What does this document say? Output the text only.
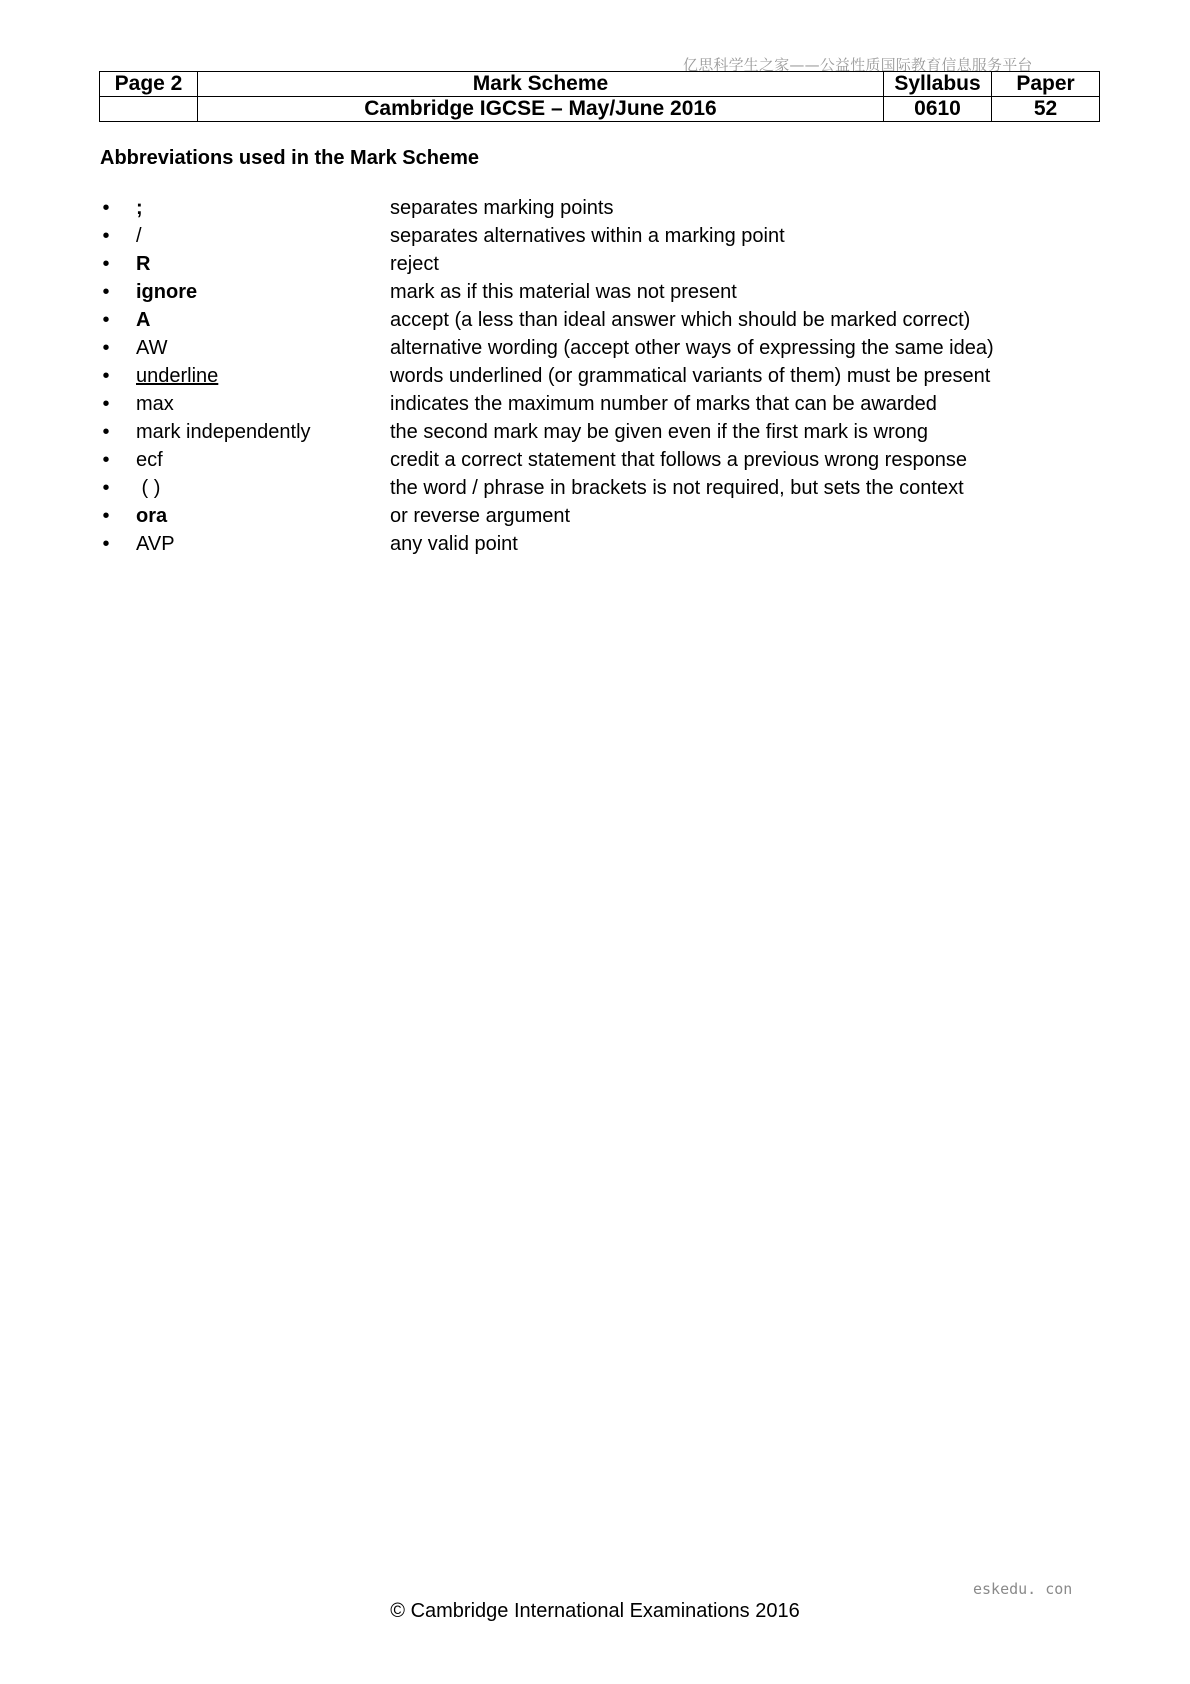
亿思科学生之家——公益性质国际教育信息服务平台
Page 2	Mark Scheme	Syllabus	Paper
	Cambridge IGCSE – May/June 2016	0610	52
Abbreviations used in the Mark Scheme
• ;	separates marking points
• /	separates alternatives within a marking point
• R	reject
• ignore	mark as if this material was not present
• A	accept (a less than ideal answer which should be marked correct)
• AW	alternative wording (accept other ways of expressing the same idea)
• underline	words underlined (or grammatical variants of them) must be present
• max	indicates the maximum number of marks that can be awarded
• mark independently	the second mark may be given even if the first mark is wrong
• ecf	credit a correct statement that follows a previous wrong response
• ( )	the word / phrase in brackets is not required, but sets the context
• ora	or reverse argument
• AVP	any valid point
eskedu. con
© Cambridge International Examinations 2016
